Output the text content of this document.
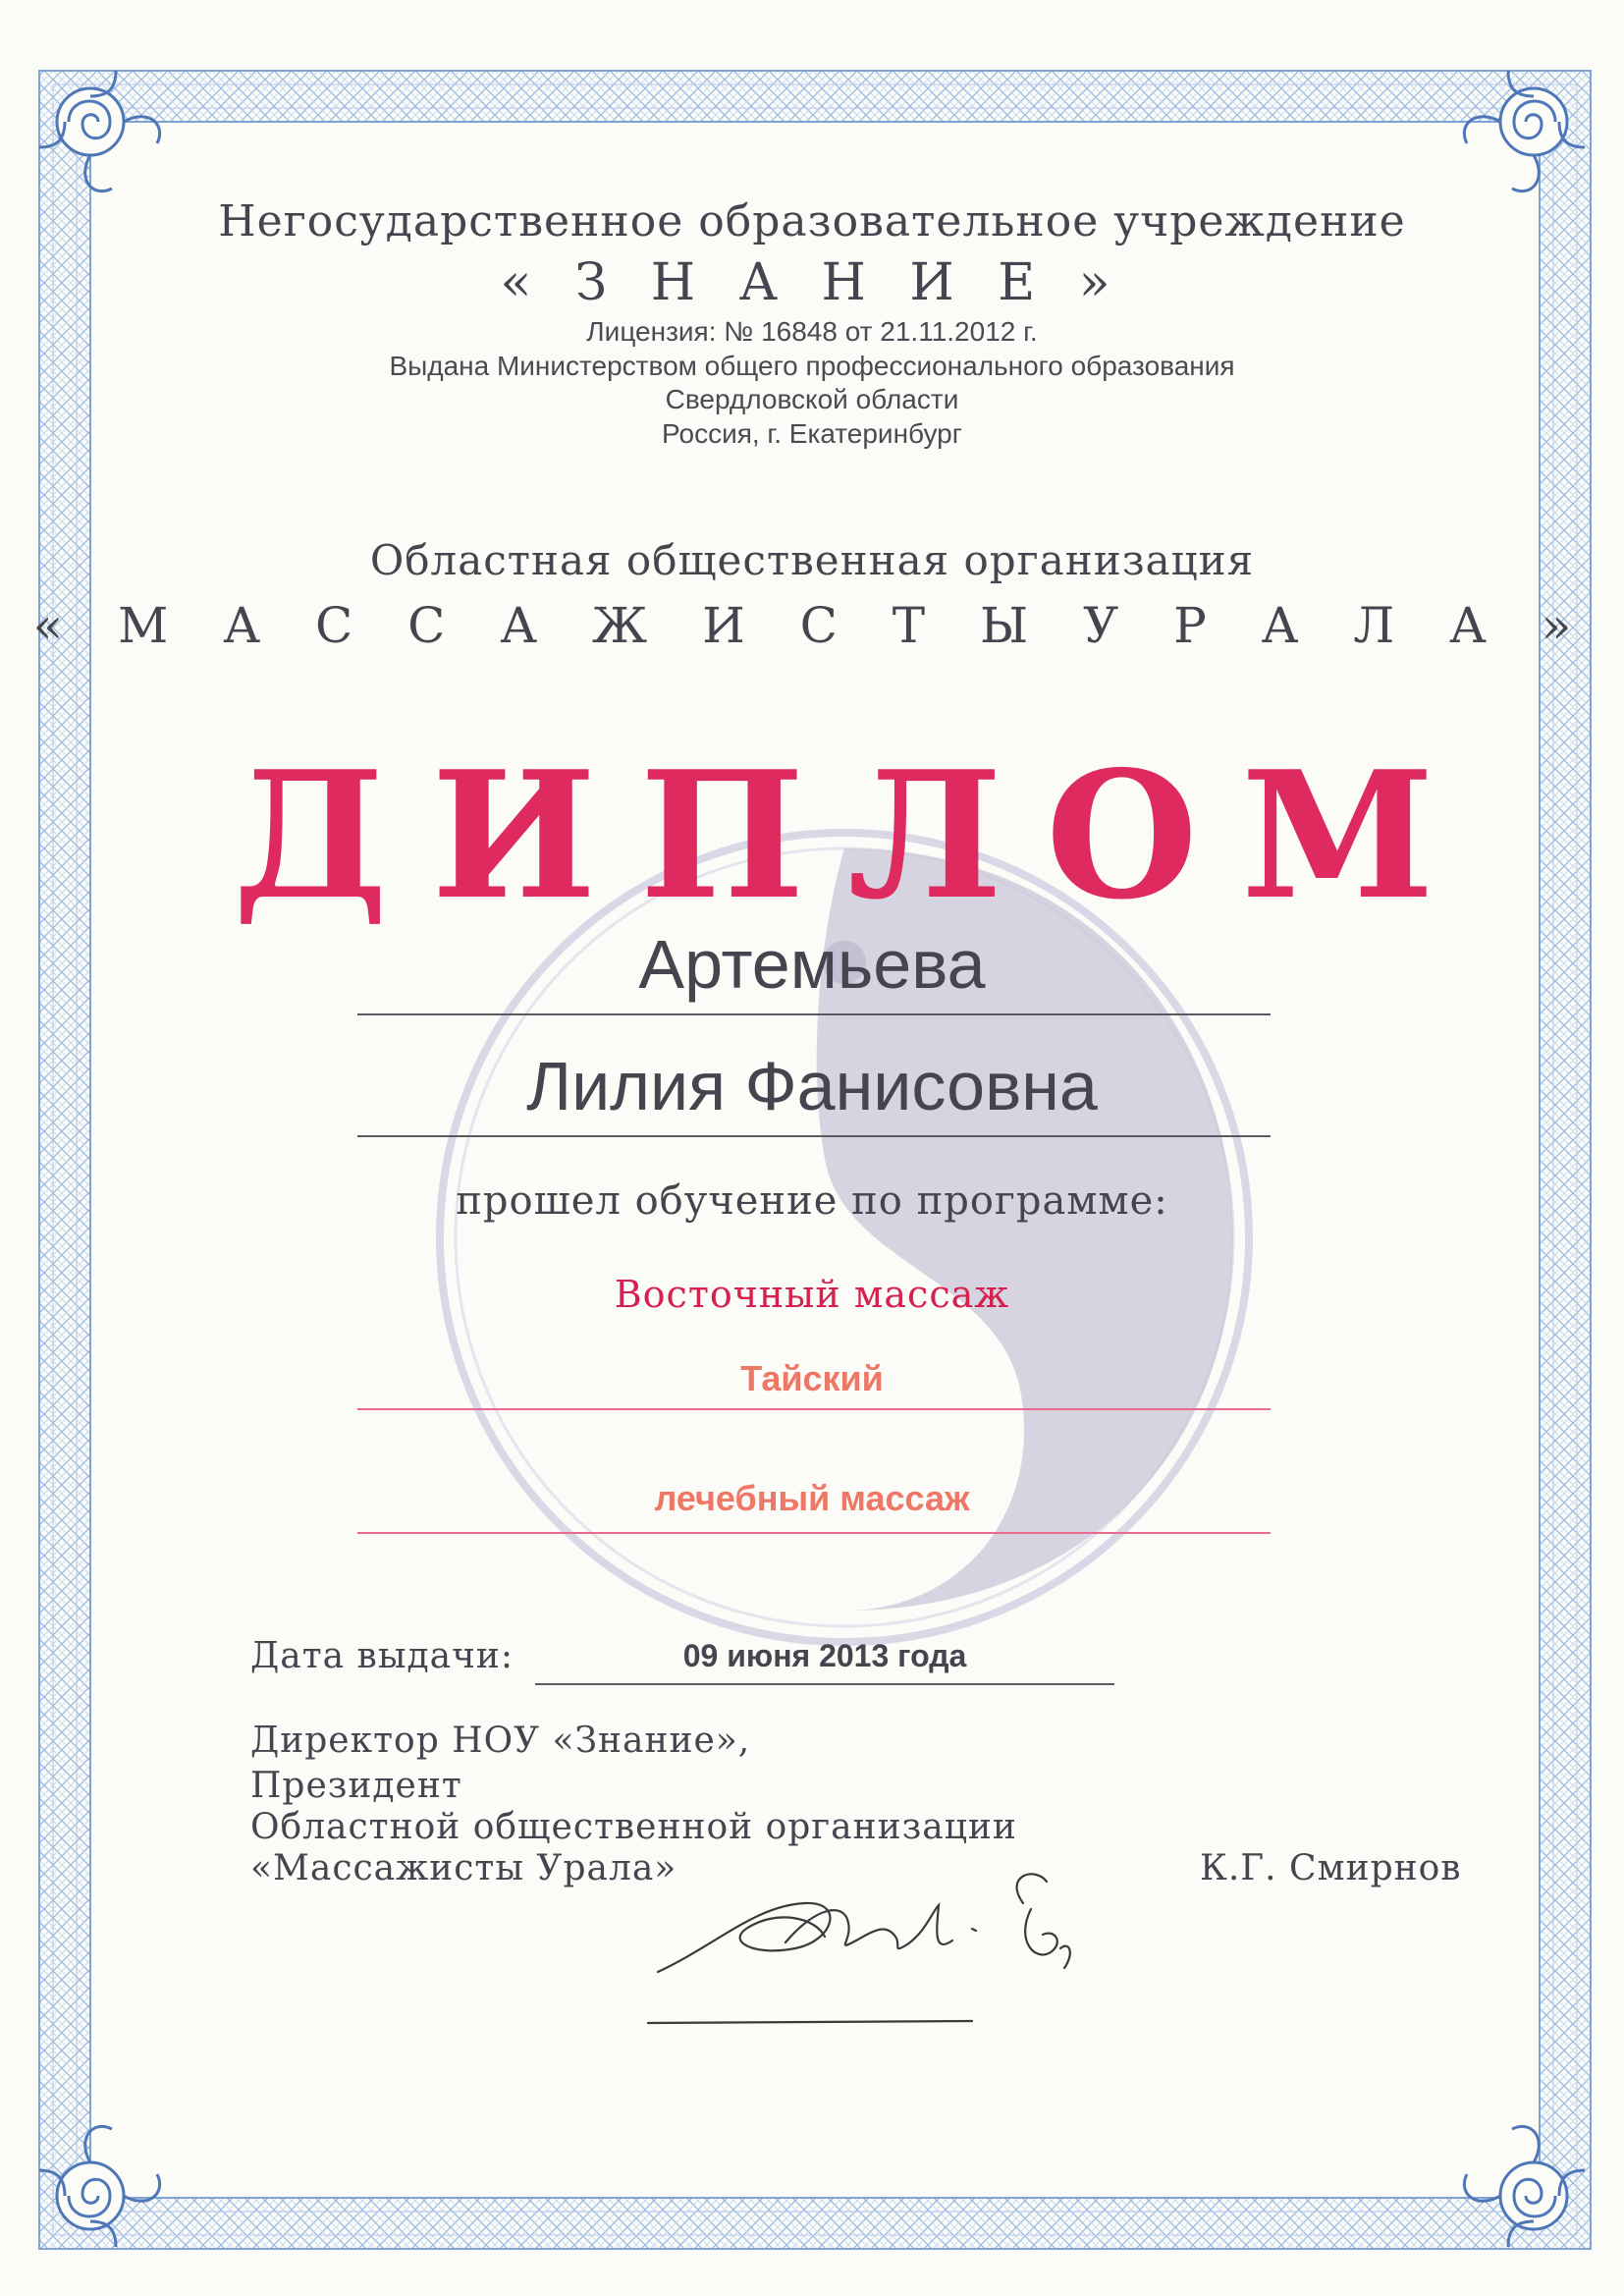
Негосударственное образовательное учреждение

« З Н А Н И Е »

Лицензия: № 16848 от 21.11.2012 г.

Выдана Министерством общего профессионального образования

Свердловской области

Россия, г. Екатеринбург

Областная общественная организация

« М А С С А Ж И С Т Ы У Р А Л А »

ДИПЛОМ

Артемьева

Лилия Фанисовна

прошел обучение по программе:

Восточный массаж

Тайский

лечебный массаж

Дата выдачи:	09 июня 2013 года

Директор НОУ «Знание»,

Президент

Областной общественной организации

«Массажисты Урала»	К.Г. Смирнов
